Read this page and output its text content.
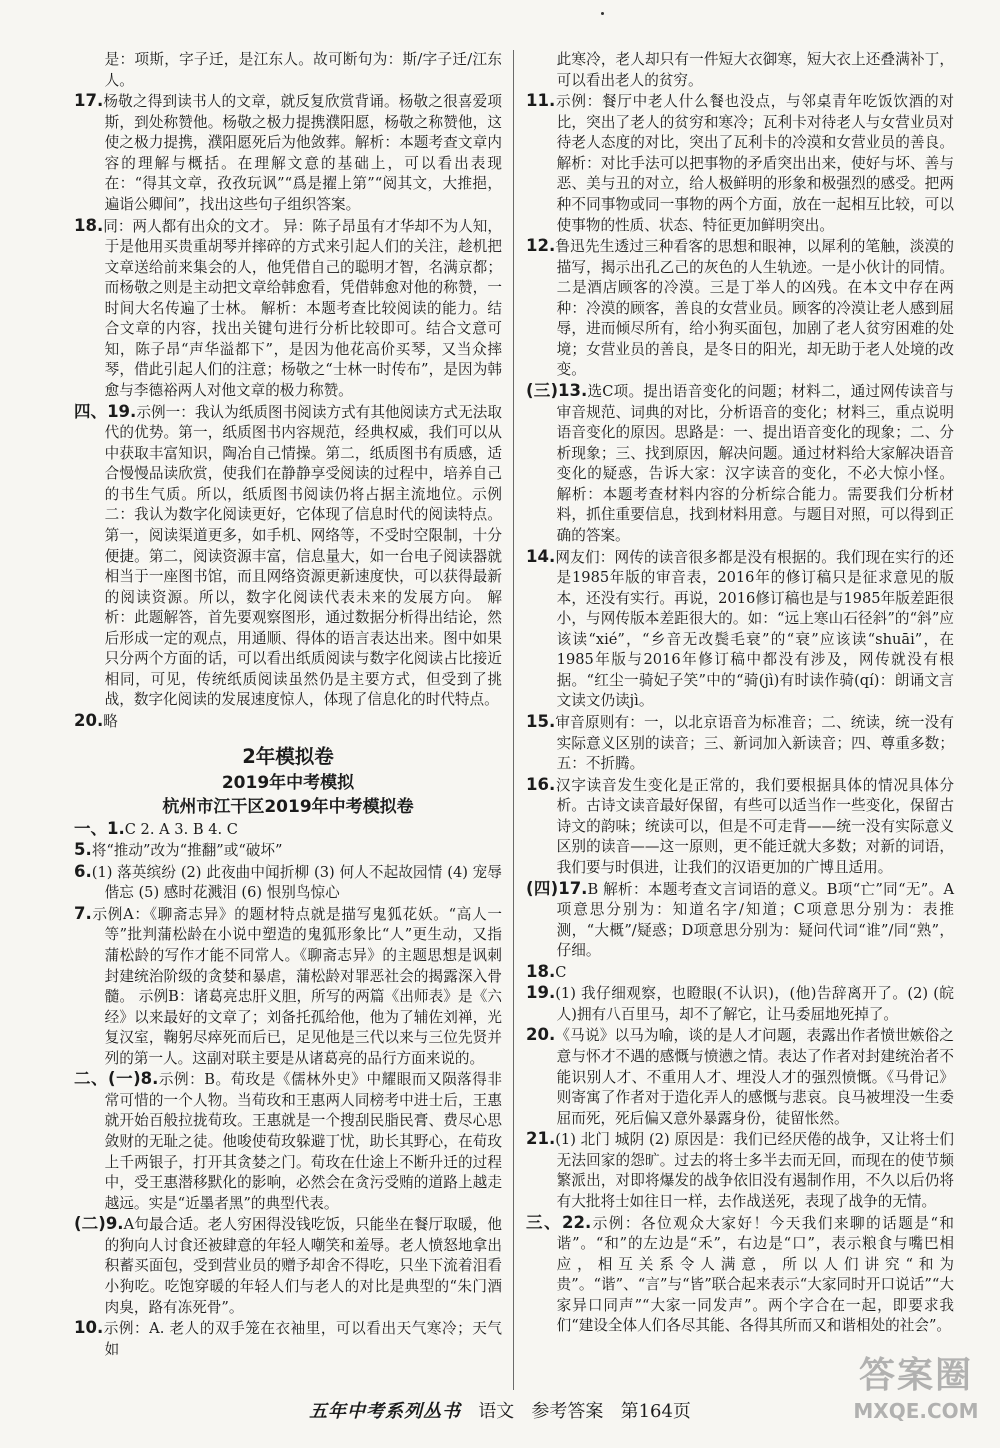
是：项斯，字子迁，是江东人。故可断句为：斯/字子迁/江东人。

17.杨敬之得到读书人的文章，就反复欣赏背诵。杨敬之很喜爱项斯，到处称赞他。杨敬之极力提携濮阳愿，杨敬之称赞他，这使之极力提携，濮阳愿死后为他敛葬。解析：本题考查文章内容的理解与概括。在理解文意的基础上，可以看出表现在：“得其文章，孜孜玩讽”“爲是擢上第”“阅其文，大推挹，遍诣公卿间”，找出这些句子组织答案。

18.同：两人都有出众的文才。 异：陈子昂虽有才华却不为人知，于是他用买贵重胡琴并摔碎的方式来引起人们的关注，趁机把文章送给前来集会的人，他凭借自己的聪明才智，名满京都；而杨敬之则是主动把文章给韩愈看，凭借韩愈对他的称赞，一时间大名传遍了士林。 解析：本题考查比较阅读的能力。结合文章的内容，找出关键句进行分析比较即可。结合文意可知，陈子昂“声华溢都下”，是因为他花高价买琴，又当众摔琴，借此引起人们的注意；杨敬之“士林一时传布”，是因为韩愈与李德裕两人对他文章的极力称赞。

四、19.示例一：我认为纸质图书阅读方式有其他阅读方式无法取代的优势。第一，纸质图书内容规范，经典权威，我们可以从中获取丰富知识，陶冶自己情操。第二，纸质图书有质感，适合慢慢品读欣赏，使我们在静静享受阅读的过程中，培养自己的书生气质。所以，纸质图书阅读仍将占据主流地位。示例二：我认为数字化阅读更好，它体现了信息时代的阅读特点。第一，阅读渠道更多，如手机、网络等，不受时空限制，十分便捷。第二，阅读资源丰富，信息量大，如一台电子阅读器就相当于一座图书馆，而且网络资源更新速度快，可以获得最新的阅读资源。所以，数字化阅读代表未来的发展方向。 解析：此题解答，首先要观察图形，通过数据分析得出结论，然后形成一定的观点，用通顺、得体的语言表达出来。图中如果只分两个方面的话，可以看出纸质阅读与数字化阅读占比接近相同，可见，传统纸质阅读虽然仍是主要方式，但受到了挑战，数字化阅读的发展速度惊人，体现了信息化的时代特点。

20.略

2年模拟卷

2019年中考模拟

杭州市江干区2019年中考模拟卷

一、1.C 2. A 3. B 4. C

5.将“推动”改为“推翻”或“破坏”

6.(1) 落英缤纷 (2) 此夜曲中闻折柳 (3) 何人不起故园情 (4) 宠辱偕忘 (5) 感时花溅泪 (6) 恨别鸟惊心

7.示例A：《聊斋志异》的题材特点就是描写鬼狐花妖。“高人一等”批判蒲松龄在小说中塑造的鬼狐形象比“人”更生动，又指蒲松龄的写作才能不同常人。《聊斋志异》的主题思想是讽刺封建统治阶级的贪婪和暴虐，蒲松龄对罪恶社会的揭露深入骨髓。 示例B：诸葛亮忠肝义胆，所写的两篇《出师表》是《六经》以来最好的文章了；刘备托孤给他，他为了辅佐刘禅，光复汉室，鞠躬尽瘁死而后已，足见他是三代以来与三位先贤并列的第一人。这副对联主要是从诸葛亮的品行方面来说的。

二、(一)8.示例：B。荀玫是《儒林外史》中耀眼而又陨落得非常可惜的一个人物。当荀玫和王惠两人同榜考中进士后，王惠就开始百般拉拢荀玫。王惠就是一个搜刮民脂民膏、费尽心思敛财的无耻之徒。他唆使荀玫躲避丁忧，助长其野心，在荀玫上千两银子，打开其贪婪之门。荀玫在仕途上不断升迁的过程中，受王惠潜移默化的影响，必然会在贪污受贿的道路上越走越远。实是“近墨者黑”的典型代表。

(二)9.A句最合适。老人穷困得没钱吃饭，只能坐在餐厅取暖，他的狗向人讨食还被肆意的年轻人嘲笑和羞辱。老人愤怒地拿出积蓄买面包，受到营业员的赠予却舍不得吃，只坐下流着泪看小狗吃。吃饱穿暖的年轻人们与老人的对比是典型的“朱门酒肉臭，路有冻死骨”。

10.示例：A. 老人的双手笼在衣袖里，可以看出天气寒冷；天气如

此寒冷，老人却只有一件短大衣御寒，短大衣上还叠满补丁，可以看出老人的贫穷。

11.示例：餐厅中老人什么餐也没点，与邻桌青年吃饭饮酒的对比，突出了老人的贫穷和寒冷；瓦利卡对待老人与女营业员对待老人态度的对比，突出了瓦利卡的冷漠和女营业员的善良。 解析：对比手法可以把事物的矛盾突出出来，使好与坏、善与恶、美与丑的对立，给人极鲜明的形象和极强烈的感受。把两种不同事物或同一事物的两个方面，放在一起相互比较，可以使事物的性质、状态、特征更加鲜明突出。

12.鲁迅先生透过三种看客的思想和眼神，以犀利的笔触，淡漠的描写，揭示出孔乙己的灰色的人生轨迹。一是小伙计的同情。二是酒店顾客的冷漠。三是丁举人的凶残。在本文中存在两种：冷漠的顾客，善良的女营业员。顾客的冷漠让老人感到屈辱，进而倾尽所有，给小狗买面包，加剧了老人贫穷困难的处境；女营业员的善良，是冬日的阳光，却无助于老人处境的改变。

(三)13.选C项。提出语音变化的问题；材料二，通过网传读音与审音规范、词典的对比，分析语音的变化；材料三，重点说明语音变化的原因。思路是：一、提出语音变化的现象；二、分析现象；三、找到原因，解决问题。通过材料给大家解决语音变化的疑惑，告诉大家：汉字读音的变化，不必大惊小怪。 解析：本题考查材料内容的分析综合能力。需要我们分析材料，抓住重要信息，找到材料用意。与题目对照，可以得到正确的答案。

14.网友们：网传的读音很多都是没有根据的。我们现在实行的还是1985年版的审音表，2016年的修订稿只是征求意见的版本，还没有实行。再说，2016修订稿也是与1985年版差距很小，与网传版本差距很大的。如：“远上寒山石径斜”的“斜”应该读“xié”，“乡音无改鬓毛衰”的“衰”应该读“shuāi”，在1985年版与2016年修订稿中都没有涉及，网传就没有根据。“红尘一骑妃子笑”中的“骑(jì)有时读作骑(qí)：朗诵文言文读文仍读jì。

15.审音原则有：一，以北京语音为标准音；二、统读，统一没有实际意义区别的读音；三、新词加入新读音；四、尊重多数；五：不折腾。

16.汉字读音发生变化是正常的，我们要根据具体的情况具体分析。古诗文读音最好保留，有些可以适当作一些变化，保留古诗文的韵味；统读可以，但是不可走背——统一没有实际意义区别的读音——这一原则，更不能迁就大多数；对新的词语，我们要与时俱进，让我们的汉语更加的广博且适用。

(四)17.B 解析：本题考查文言词语的意义。B项“亡”同“无”。A项意思分别为：知道名字/知道；C项意思分别为：表推测，“大概”/疑惑；D项意思分别为：疑问代词“谁”/同“熟”，仔细。

18.C

19.(1) 我仔细观察，也瞪眼(不认识)，(他)告辞离开了。(2) (皖人)拥有八百里马，却不了解它，让马委屈地死掉了。

20.《马说》以马为喻，谈的是人才问题，表露出作者愤世嫉俗之意与怀才不遇的感慨与愤懑之情。表达了作者对封建统治者不能识别人才、不重用人才、埋没人才的强烈愤慨。《马骨记》则寄寓了作者对于造化弄人的感慨与悲哀。良马被埋没一生委屈而死，死后偏又意外暴露身份，徒留怅然。

21.(1) 北门 城阴 (2) 原因是：我们已经厌倦的战争，又让将士们无法回家的怨旷。过去的将士多半去而无回，而现在的使节频繁派出，对即将爆发的战争依旧没有遏制作用，不久以后仍将有大批将士如往日一样，去作战送死，表现了战争的无情。

三、22.示例：各位观众大家好！今天我们来聊的话题是“和谐”。“和”的左边是“禾”，右边是“口”，表示粮食与嘴巴相应，相互关系令人满意，所以人们讲究“和为贵”。“谐”、“言”与“皆”联合起来表示“大家同时开口说话”“大家异口同声”“大家一同发声”。两个字合在一起，即要求我们“建设全体人们各尽其能、各得其所而又和谐相处的社会”。

五年中考系列丛书 语文 参考答案 第164页
答案圈
MXQE.COM
